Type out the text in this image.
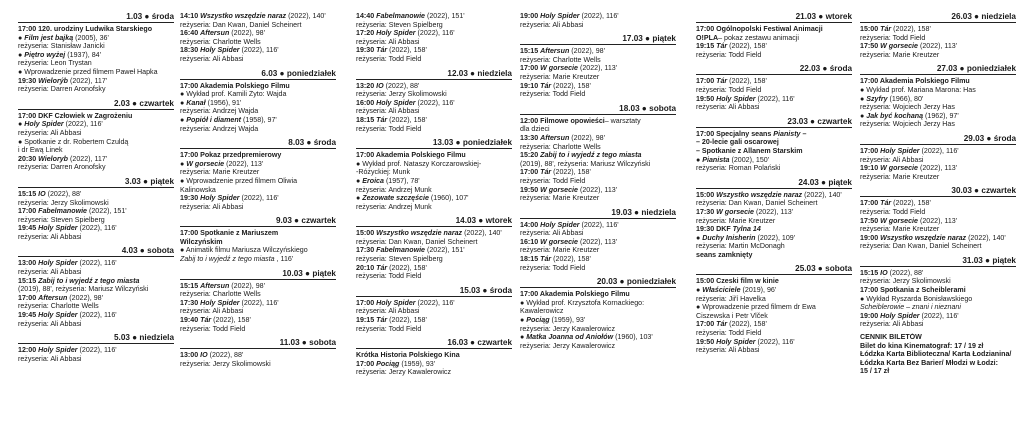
1.03 ● środa
17:00 120. urodziny Ludwika Starskiego
● Film jest bajką (2005), 36'
reżyseria: Stanisław Janicki
● Piętro wyżej (1937), 84'
reżyseria: Leon Trystan
● Wprowadzenie przed filmem Paweł Hapka
19:30 Wielorýb (2022), 117'
reżyseria: Darren Aronofsky
2.03 ● czwartek
17:00 DKF Człowiek w Zagrożeniu
● Holy Spider (2022), 116'
reżyseria: Ali Abbasi
● Spotkanie z dr. Robertem Czuldą
i dr Ewą Linek
20:30 Wieloryb (2022), 117'
reżyseria: Darren Aronofsky
3.03 ● piątek
15:15 IO (2022), 88'
reżyseria: Jerzy Skolimowski
17:00 Fabelmanowie (2022), 151'
reżyseria: Steven Spielberg
19:45 Holy Spider (2022), 116'
reżyseria: Ali Abbasi
4.03 ● sobota
13:00 Holy Spider (2022), 116'
reżyseria: Ali Abbasi
15:15 Zabij to i wyjedź z tego miasta
(2019), 88', reżyseria: Mariusz Wilczyński
17:00 Aftersun (2022), 98'
reżyseria: Charlotte Wells
19:45 Holy Spider (2022), 116'
reżyseria: Ali Abbasi
5.03 ● niedziela
12:00 Holy Spider (2022), 116'
reżyseria: Ali Abbasi
14:10 Wszystko wszędzie naraz (2022), 140'
reżyseria: Dan Kwan, Daniel Scheinert
16:40 Aftersun (2022), 98'
reżyseria: Charlotte Wells
18:30 Holy Spider (2022), 116'
reżyseria: Ali Abbasi
6.03 ● poniedziałek
17:00 Akademia Polskiego Filmu
● Wykład prof. Kamili Żyto: Wajda
● Kanał (1956), 91'
reżyseria: Andrzej Wajda
● Popiół i diament (1958), 97'
reżyseria: Andrzej Wajda
8.03 ● środa
17:00 Pokaz przedpremierowy
● W gorsecie (2022), 113'
reżyseria: Marie Kreutzer
● Wprowadzenie przed filmem Oliwia
Kalinowska
19:30 Holy Spider (2022), 116'
reżyseria: Ali Abbasi
9.03 ● czwartek
17:00 Spotkanie z Mariuszem
Wilczyńskim
● Animatik filmu Mariusza Wilczyńskiego
Zabij to i wyjedź z tego miasta , 116'
10.03 ● piątek
15:15 Aftersun (2022), 98'
reżyseria: Charlotte Wells
17:30 Holy Spider (2022), 116'
reżyseria: Ali Abbasi
19:40 Tár (2022), 158'
reżyseria: Todd Field
11.03 ● sobota
13:00 IO (2022), 88'
reżyseria: Jerzy Skolimowski
14:40 Fabelmanowie (2022), 151'
reżyseria: Steven Spielberg
17:20 Holy Spider (2022), 116'
reżyseria: Ali Abbasi
19:30 Tár (2022), 158'
reżyseria: Todd Field
12.03 ● niedziela
13:20 IO (2022), 88'
reżyseria: Jerzy Skolimowski
16:00 Holy Spider (2022), 116'
reżyseria: Ali Abbasi
18:15 Tár (2022), 158'
reżyseria: Todd Field
13.03 ● poniedziałek
17:00 Akademia Polskiego Filmu
● Wykład prof. Nataszy Korczarowskiej-
-Różyckiej: Munk
● Eroica (1957), 78'
reżyseria: Andrzej Munk
● Zezowate szczęście (1960), 107'
reżyseria: Andrzej Munk
14.03 ● wtorek
15:00 Wszystko wszędzie naraz (2022), 140'
reżyseria: Dan Kwan, Daniel Scheinert
17:30 Fabelmanowie (2022), 151'
reżyseria: Steven Spielberg
20:10 Tár (2022), 158'
reżyseria: Todd Field
15.03 ● środa
17:00 Holy Spider (2022), 116'
reżyseria: Ali Abbasi
19:15 Tár (2022), 158'
reżyseria: Todd Field
16.03 ● czwartek
Krótka Historia Polskiego Kina
17:00 Pociąg (1959), 93'
reżyseria: Jerzy Kawalerowicz
19:00 Holy Spider (2022), 116'
reżyseria: Ali Abbasi
17.03 ● piątek
15:15 Aftersun (2022), 98'
reżyseria: Charlotte Wells
17:00 W gorsecie (2022), 113'
reżyseria: Marie Kreutzer
19:10 Tár (2022), 158'
reżyseria: Todd Field
18.03 ● sobota
12:00 Filmowe opowieści– warsztaty
dla dzieci
13:30 Aftersun (2022), 98'
reżyseria: Charlotte Wells
15:20 Zabij to i wyjedź z tego miasta
(2019), 88', reżyseria: Mariusz Wilczyński
17:00 Tár (2022), 158'
reżyseria: Todd Field
19:50 W gorsecie (2022), 113'
reżyseria: Marie Kreutzer
19.03 ● niedziela
14:00 Holy Spider (2022), 116'
reżyseria: Ali Abbasi
16:10 W gorsecie (2022), 113'
reżyseria: Marie Kreutzer
18:15 Tár (2022), 158'
reżyseria: Todd Field
20.03 ● poniedziałek
17:00 Akademia Polskiego Filmu
● Wykład prof. Krzysztofa Kornackiego:
Kawalerowicz
● Pociąg (1959), 93'
reżyseria: Jerzy Kawalerowicz
● Matka Joanna od Aniołów (1960), 103'
reżyseria: Jerzy Kawalerowicz
21.03 ● wtorek
17:00 Ogólnopolski Festiwal Animacji
O!PLA– pokaz zestawu animacji
19:15 Tár (2022), 158'
reżyseria: Todd Field
22.03 ● środa
17:00 Tár (2022), 158'
reżyseria: Todd Field
19:50 Holy Spider (2022), 116'
reżyseria: Ali Abbasi
23.03 ● czwartek
17:00 Specjalny seans Pianisty –
– 20-lecie gali oscarowej
– Spotkanie z Allanem Starskim
● Pianista (2002), 150'
reżyseria: Roman Polański
24.03 ● piątek
15:00 Wszystko wszędzie naraz (2022), 140'
reżyseria: Dan Kwan, Daniel Scheinert
17:30 W gorsecie (2022), 113'
reżyseria: Marie Kreutzer
19:30 DKF Tylna 14
● Duchy Inisherin (2022), 109'
reżyseria: Martin McDonagh
seans zamknięty
25.03 ● sobota
15:00 Czeski film w kinie
● Właściciele (2019), 96'
reżyseria: Jiří Havelka
● Wprowadzenie przed filmem dr Ewa
Ciszewska i Petr Vlček
17:00 Tár (2022), 158'
reżyseria: Todd Field
19:50 Holy Spider (2022), 116'
reżyseria: Ali Abbasi
26.03 ● niedziela
15:00 Tár (2022), 158'
reżyseria: Todd Field
17:50 W gorsecie (2022), 113'
reżyseria: Marie Kreutzer
27.03 ● poniedziałek
17:00 Akademia Polskiego Filmu
● Wykład prof. Mariana Marona: Has
● Szyfry (1966), 80'
reżyseria: Wojciech Jerzy Has
● Jak być kochaną (1962), 97'
reżyseria: Wojciech Jerzy Has
29.03 ● środa
17:00 Holy Spider (2022), 116'
reżyseria: Ali Abbasi
19:10 W gorsecie (2022), 113'
reżyseria: Marie Kreutzer
30.03 ● czwartek
17:00 Tár (2022), 158'
reżyseria: Todd Field
17:50 W gorsecie (2022), 113'
reżyseria: Marie Kreutzer
19:00 Wszystko wszędzie naraz (2022), 140'
reżyseria: Dan Kwan, Daniel Scheinert
31.03 ● piątek
15:15 IO (2022), 88'
reżyseria: Jerzy Skolimowski
17:00 Spotkania z Scheiblerami
● Wykład Ryszarda Bonisławskiego
Scheiblerowie – znani i nieznani
19:00 Holy Spider (2022), 116'
reżyseria: Ali Abbasi
CENNIK BILETÓW
Bilet do kina Kinematograf: 17 / 19 zł
Łódzka Karta Biblioteczna/ Karta Łodzianina/
Łódzka Karta Bez Barier/ Młodzi w Łodzi:
15 / 17 zł
